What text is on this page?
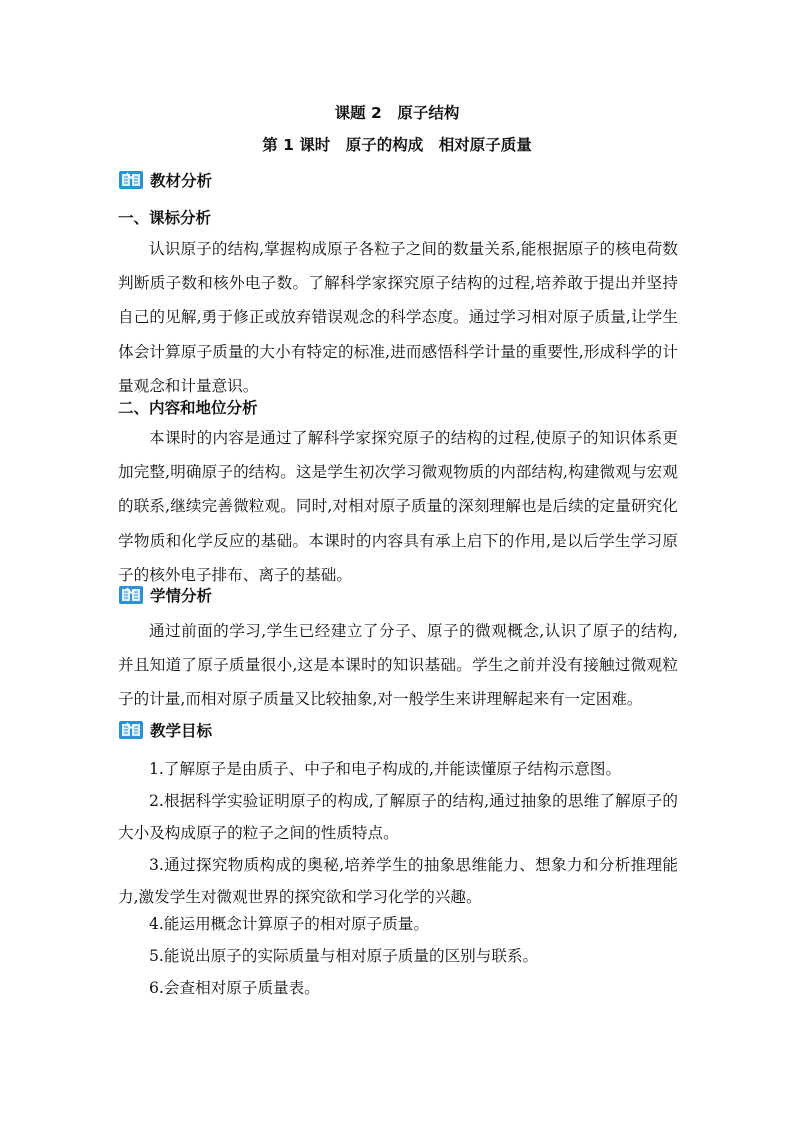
课题 2　原子结构
第 1 课时　原子的构成　相对原子质量
教材分析
一、课标分析

认识原子的结构,掌握构成原子各粒子之间的数量关系,能根据原子的核电荷数判断质子数和核外电子数。了解科学家探究原子结构的过程,培养敢于提出并坚持自己的见解,勇于修正或放弃错误观念的科学态度。通过学习相对原子质量,让学生体会计算原子质量的大小有特定的标准,进而感悟科学计量的重要性,形成科学的计量观念和计量意识。

二、内容和地位分析

本课时的内容是通过了解科学家探究原子的结构的过程,使原子的知识体系更加完整,明确原子的结构。这是学生初次学习微观物质的内部结构,构建微观与宏观的联系,继续完善微粒观。同时,对相对原子质量的深刻理解也是后续的定量研究化学物质和化学反应的基础。本课时的内容具有承上启下的作用,是以后学生学习原子的核外电子排布、离子的基础。

学情分析

通过前面的学习,学生已经建立了分子、原子的微观概念,认识了原子的结构,并且知道了原子质量很小,这是本课时的知识基础。学生之前并没有接触过微观粒子的计量,而相对原子质量又比较抽象,对一般学生来讲理解起来有一定困难。

教学目标

1.了解原子是由质子、中子和电子构成的,并能读懂原子结构示意图。

2.根据科学实验证明原子的构成,了解原子的结构,通过抽象的思维了解原子的大小及构成原子的粒子之间的性质特点。

3.通过探究物质构成的奥秘,培养学生的抽象思维能力、想象力和分析推理能力,激发学生对微观世界的探究欲和学习化学的兴趣。

4.能运用概念计算原子的相对原子质量。

5.能说出原子的实际质量与相对原子质量的区别与联系。

6.会查相对原子质量表。
